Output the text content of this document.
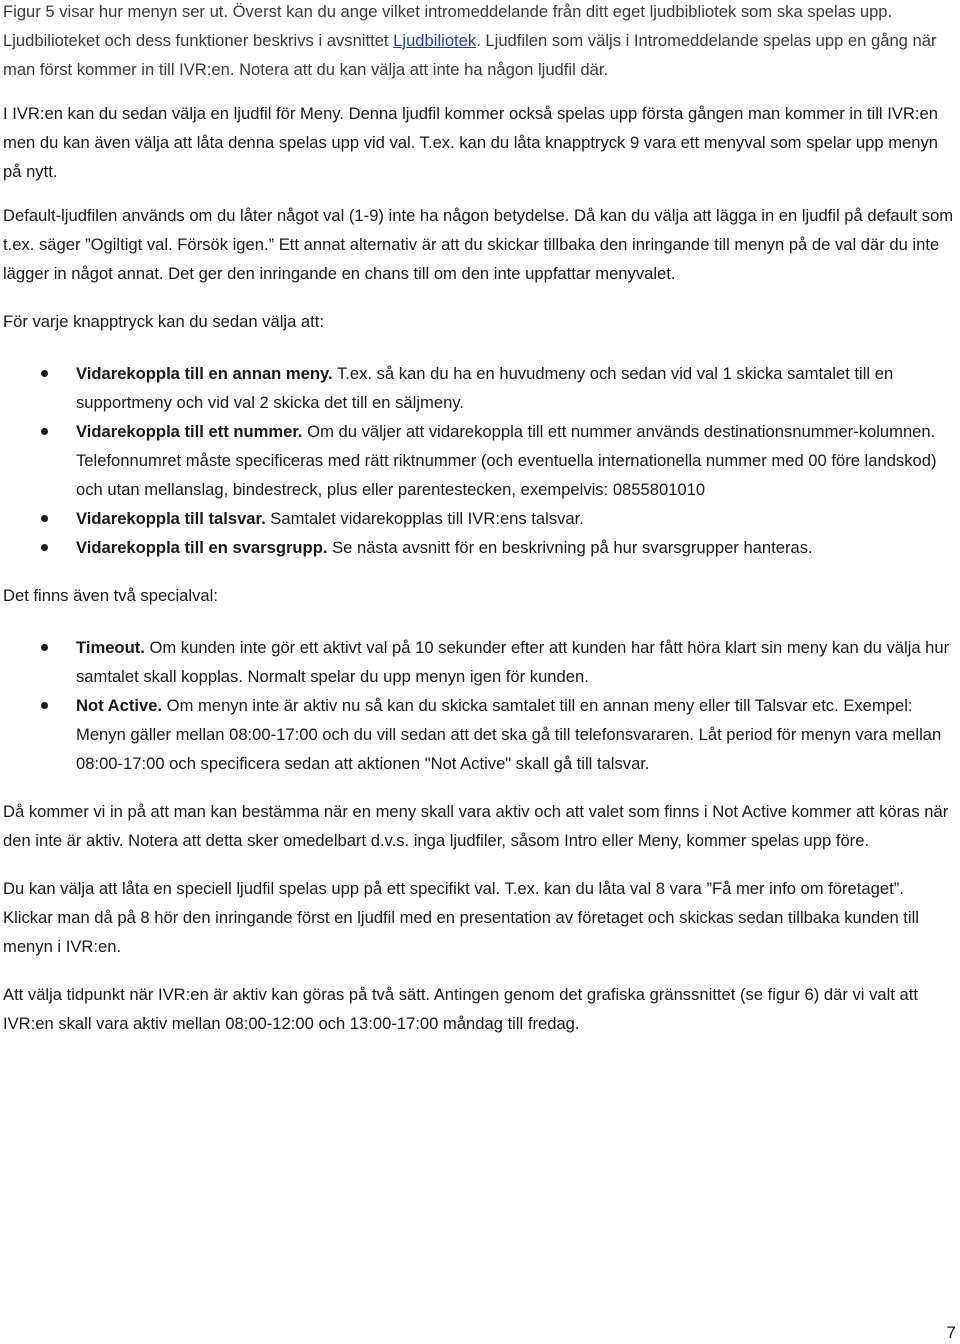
Figur 5 visar hur menyn ser ut. Överst kan du ange vilket intromeddelande från ditt eget ljudbibliotek som ska spelas upp. Ljudbilioteket och dess funktioner beskrivs i avsnittet Ljudbiliotek. Ljudfilen som väljs i Intromeddelande spelas upp en gång när man först kommer in till IVR:en. Notera att du kan välja att inte ha någon ljudfil där.

I IVR:en kan du sedan välja en ljudfil för Meny. Denna ljudfil kommer också spelas upp första gången man kommer in till IVR:en men du kan även välja att låta denna spelas upp vid val. T.ex. kan du låta knapptryck 9 vara ett menyval som spelar upp menyn på nytt.

Default-ljudfilen används om du låter något val (1-9) inte ha någon betydelse. Då kan du välja att lägga in en ljudfil på default som t.ex. säger ”Ogiltigt val. Försök igen.” Ett annat alternativ är att du skickar tillbaka den inringande till menyn på de val där du inte lägger in något annat. Det ger den inringande en chans till om den inte uppfattar menyvalet.

För varje knapptryck kan du sedan välja att:

Vidarekoppla till en annan meny. T.ex. så kan du ha en huvudmeny och sedan vid val 1 skicka samtalet till en supportmeny och vid val 2 skicka det till en säljmeny.
Vidarekoppla till ett nummer. Om du väljer att vidarekoppla till ett nummer används destinationsnummer-kolumnen. Telefonnumret måste specificeras med rätt riktnummer (och eventuella internationella nummer med 00 före landskod) och utan mellanslag, bindestreck, plus eller parentestecken, exempelvis: 0855801010
Vidarekoppla till talsvar. Samtalet vidarekopplas till IVR:ens talsvar.
Vidarekoppla till en svarsgrupp. Se nästa avsnitt för en beskrivning på hur svarsgrupper hanteras.

Det finns även två specialval:

Timeout. Om kunden inte gör ett aktivt val på 10 sekunder efter att kunden har fått höra klart sin meny kan du välja hur samtalet skall kopplas. Normalt spelar du upp menyn igen för kunden.
Not Active. Om menyn inte är aktiv nu så kan du skicka samtalet till en annan meny eller till Talsvar etc. Exempel: Menyn gäller mellan 08:00-17:00 och du vill sedan att det ska gå till telefonsvararen. Låt period för menyn vara mellan 08:00-17:00 och specificera sedan att aktionen "Not Active" skall gå till talsvar.

Då kommer vi in på att man kan bestämma när en meny skall vara aktiv och att valet som finns i Not Active kommer att köras när den inte är aktiv. Notera att detta sker omedelbart d.v.s. inga ljudfiler, såsom Intro eller Meny, kommer spelas upp före.

Du kan välja att låta en speciell ljudfil spelas upp på ett specifikt val. T.ex. kan du låta val 8 vara ”Få mer info om företaget”. Klickar man då på 8 hör den inringande först en ljudfil med en presentation av företaget och skickas sedan tillbaka kunden till menyn i IVR:en.

Att välja tidpunkt när IVR:en är aktiv kan göras på två sätt. Antingen genom det grafiska gränssnittet (se figur 6) där vi valt att IVR:en skall vara aktiv mellan 08:00-12:00 och 13:00-17:00 måndag till fredag.

7
